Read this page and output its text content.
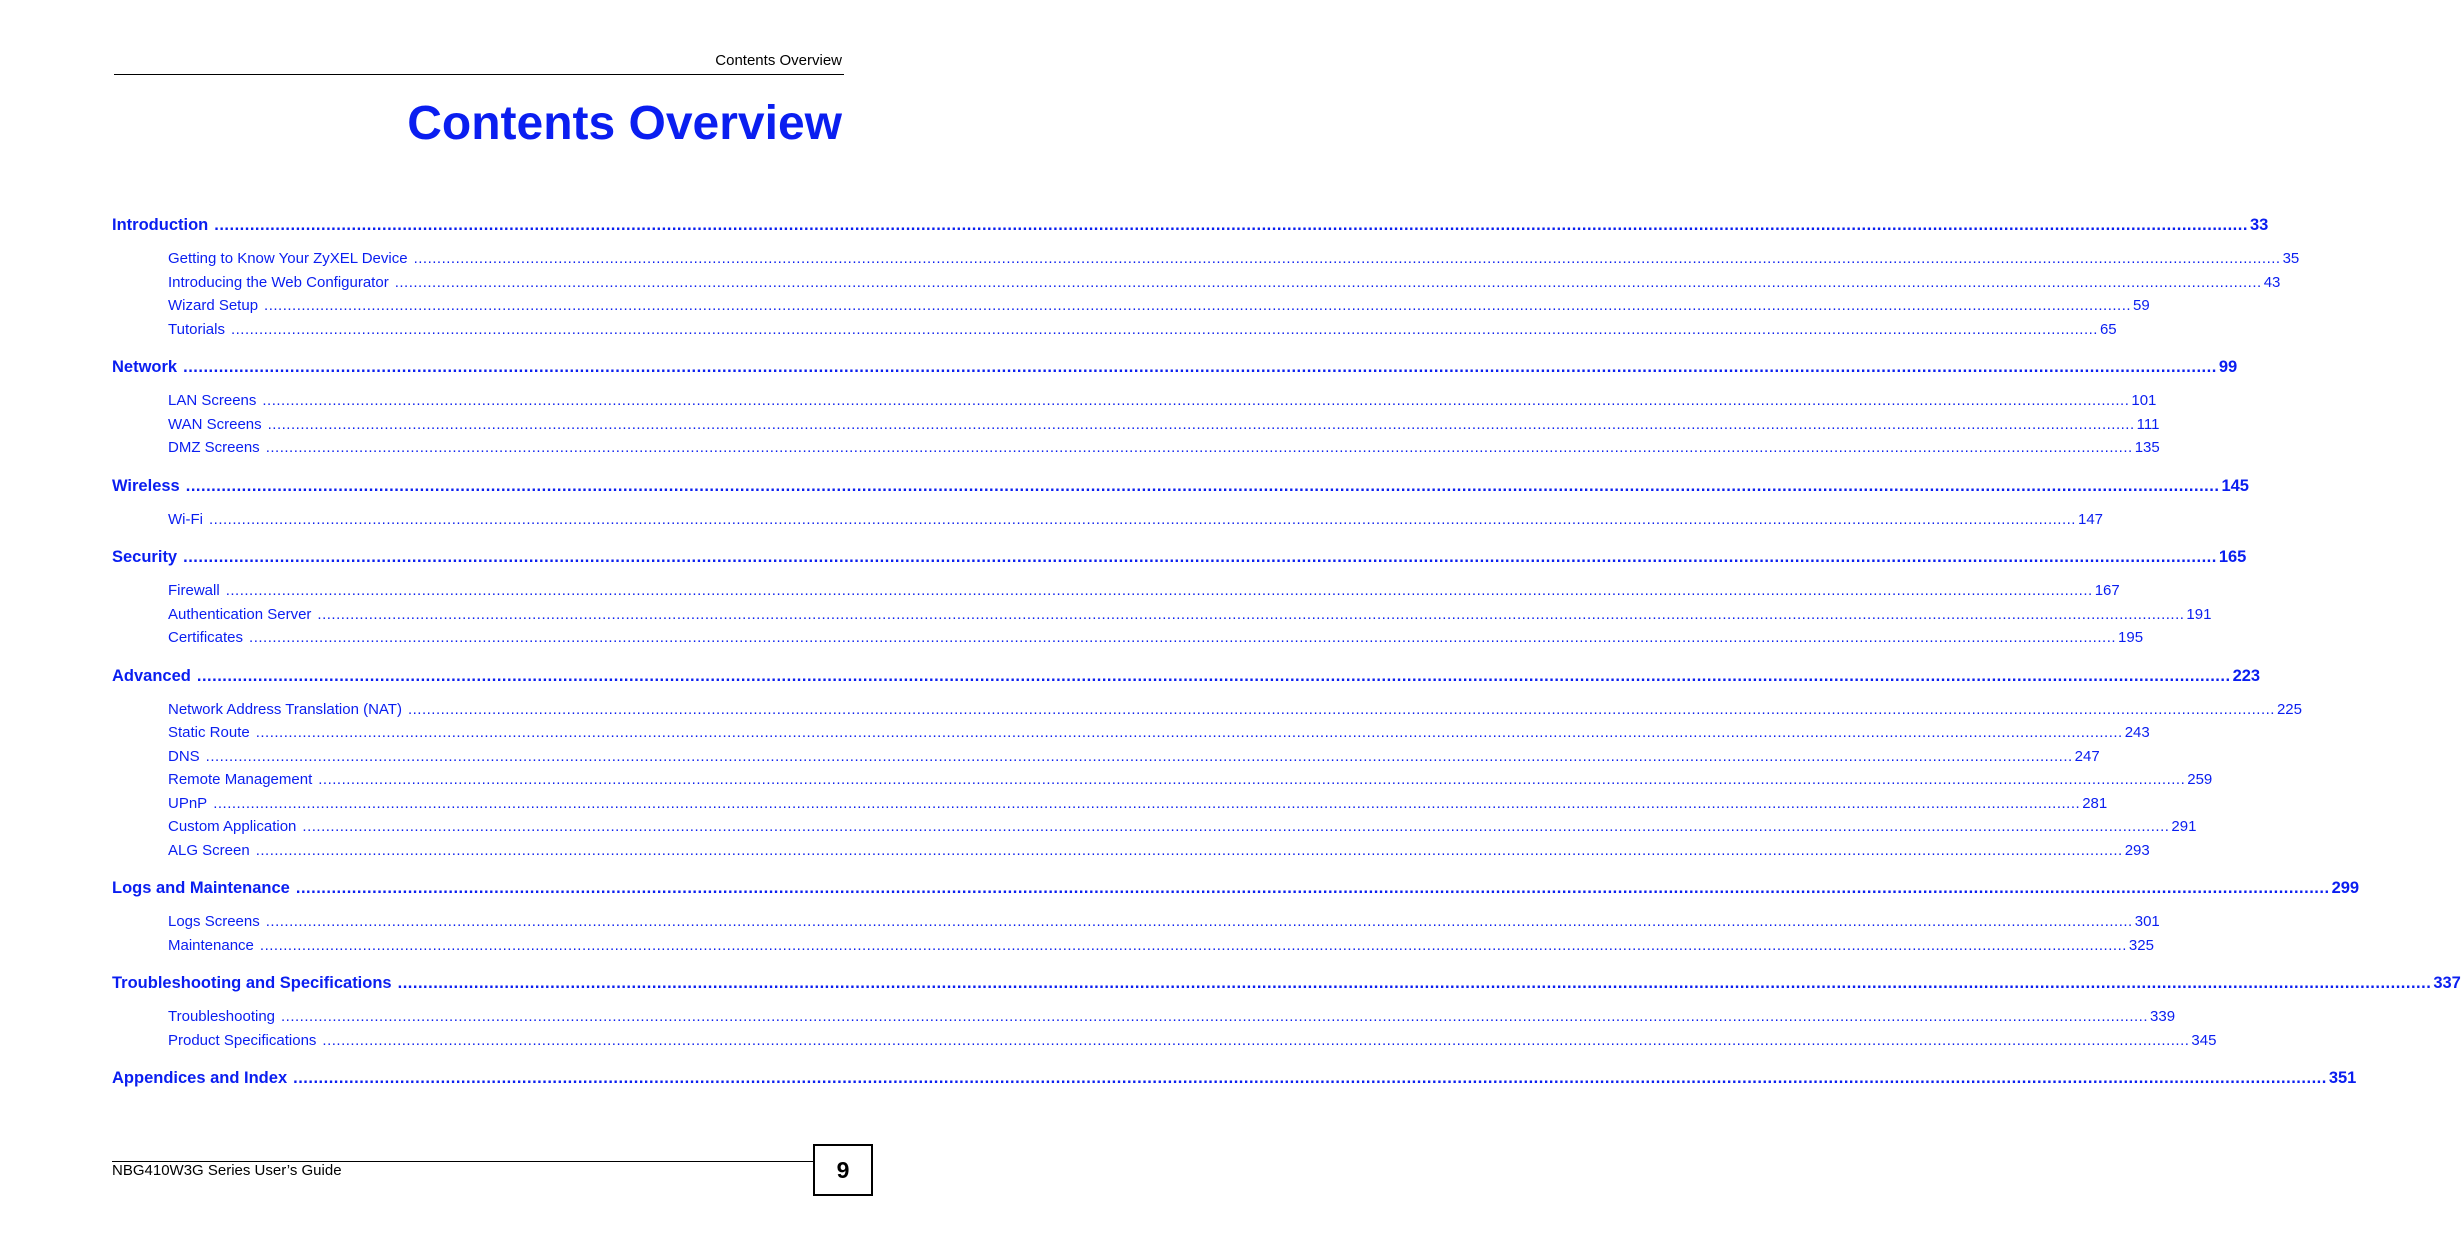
Contents Overview
Contents Overview
Introduction ................................................................................................................................................................................................................................................................................................................................................................................................................ 33
Getting to Know Your ZyXEL Device ................................................................................................................................................................................................................................................................................................................................................................................................................ 35
Introducing the Web Configurator ................................................................................................................................................................................................................................................................................................................................................................................................................ 43
Wizard Setup ................................................................................................................................................................................................................................................................................................................................................................................................................ 59
Tutorials ................................................................................................................................................................................................................................................................................................................................................................................................................ 65
Network ................................................................................................................................................................................................................................................................................................................................................................................................................ 99
LAN Screens ................................................................................................................................................................................................................................................................................................................................................................................................................ 101
WAN Screens ................................................................................................................................................................................................................................................................................................................................................................................................................ 111
DMZ Screens ................................................................................................................................................................................................................................................................................................................................................................................................................ 135
Wireless ................................................................................................................................................................................................................................................................................................................................................................................................................ 145
Wi-Fi ................................................................................................................................................................................................................................................................................................................................................................................................................ 147
Security ................................................................................................................................................................................................................................................................................................................................................................................................................ 165
Firewall ................................................................................................................................................................................................................................................................................................................................................................................................................ 167
Authentication Server ................................................................................................................................................................................................................................................................................................................................................................................................................ 191
Certificates ................................................................................................................................................................................................................................................................................................................................................................................................................ 195
Advanced ................................................................................................................................................................................................................................................................................................................................................................................................................ 223
Network Address Translation (NAT) ................................................................................................................................................................................................................................................................................................................................................................................................................ 225
Static Route ................................................................................................................................................................................................................................................................................................................................................................................................................ 243
DNS ................................................................................................................................................................................................................................................................................................................................................................................................................ 247
Remote Management ................................................................................................................................................................................................................................................................................................................................................................................................................ 259
UPnP ................................................................................................................................................................................................................................................................................................................................................................................................................ 281
Custom Application ................................................................................................................................................................................................................................................................................................................................................................................................................ 291
ALG Screen ................................................................................................................................................................................................................................................................................................................................................................................................................ 293
Logs and Maintenance ................................................................................................................................................................................................................................................................................................................................................................................................................ 299
Logs Screens ................................................................................................................................................................................................................................................................................................................................................................................................................ 301
Maintenance ................................................................................................................................................................................................................................................................................................................................................................................................................ 325
Troubleshooting and Specifications ................................................................................................................................................................................................................................................................................................................................................................................................................ 337
Troubleshooting ................................................................................................................................................................................................................................................................................................................................................................................................................ 339
Product Specifications ................................................................................................................................................................................................................................................................................................................................................................................................................ 345
Appendices and Index ................................................................................................................................................................................................................................................................................................................................................................................................................ 351
NBG410W3G Series User’s Guide	9
